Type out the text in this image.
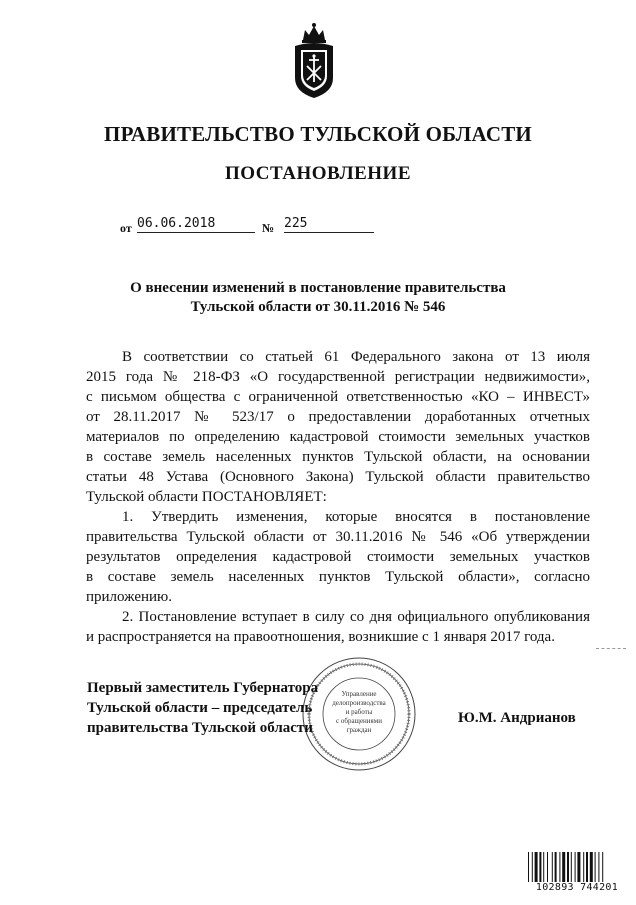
ПРАВИТЕЛЬСТВО ТУЛЬСКОЙ ОБЛАСТИ
ПОСТАНОВЛЕНИЕ
от 06.06.2018	№ 225
О внесении изменений в постановление правительства
Тульской области от 30.11.2016 № 546
В соответствии со статьей 61 Федерального закона от 13 июля
2015 года № 218-ФЗ «О государственной регистрации недвижимости»,
с письмом общества с ограниченной ответственностью «КО – ИНВЕСТ»
от 28.11.2017 № 523/17 о предоставлении доработанных отчетных
материалов по определению кадастровой стоимости земельных участков
в составе земель населенных пунктов Тульской области, на основании
статьи 48 Устава (Основного Закона) Тульской области правительство
Тульской области ПОСТАНОВЛЯЕТ:
1. Утвердить изменения, которые вносятся в постановление
правительства Тульской области от 30.11.2016 № 546 «Об утверждении
результатов определения кадастровой стоимости земельных участков
в составе земель населенных пунктов Тульской области», согласно
приложению.
2. Постановление вступает в силу со дня официального опубликования
и распространяется на правоотношения, возникшие с 1 января 2017 года.
Управление
делопроизводства
и работы
с обращениями
граждан
Первый заместитель Губернатора
Тульской области – председатель
правительства Тульской области
Ю.М. Андрианов
102893 744201
